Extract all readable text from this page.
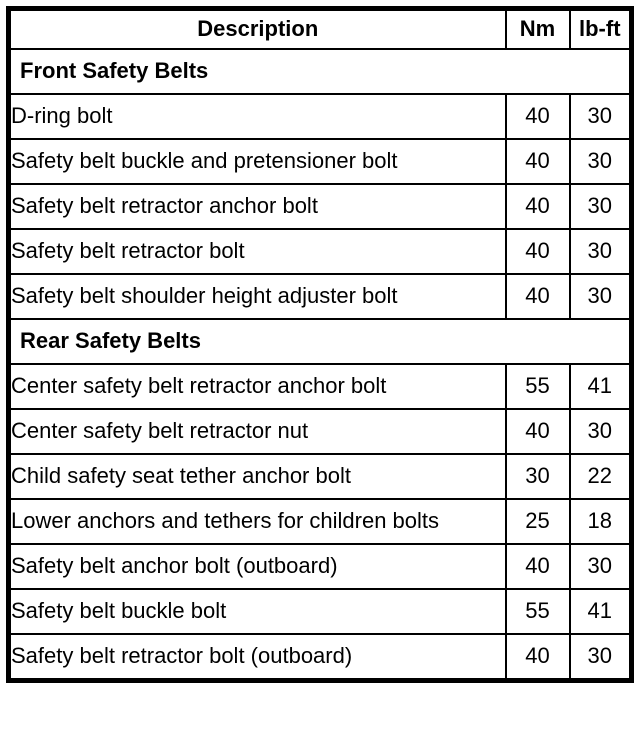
Description	Nm	lb-ft
Front Safety Belts		
D-ring bolt	40	30
Safety belt buckle and pretensioner bolt	40	30
Safety belt retractor anchor bolt	40	30
Safety belt retractor bolt	40	30
Safety belt shoulder height adjuster bolt	40	30
Rear Safety Belts		
Center safety belt retractor anchor bolt	55	41
Center safety belt retractor nut	40	30
Child safety seat tether anchor bolt	30	22
Lower anchors and tethers for children bolts	25	18
Safety belt anchor bolt (outboard)	40	30
Safety belt buckle bolt	55	41
Safety belt retractor bolt (outboard)	40	30
